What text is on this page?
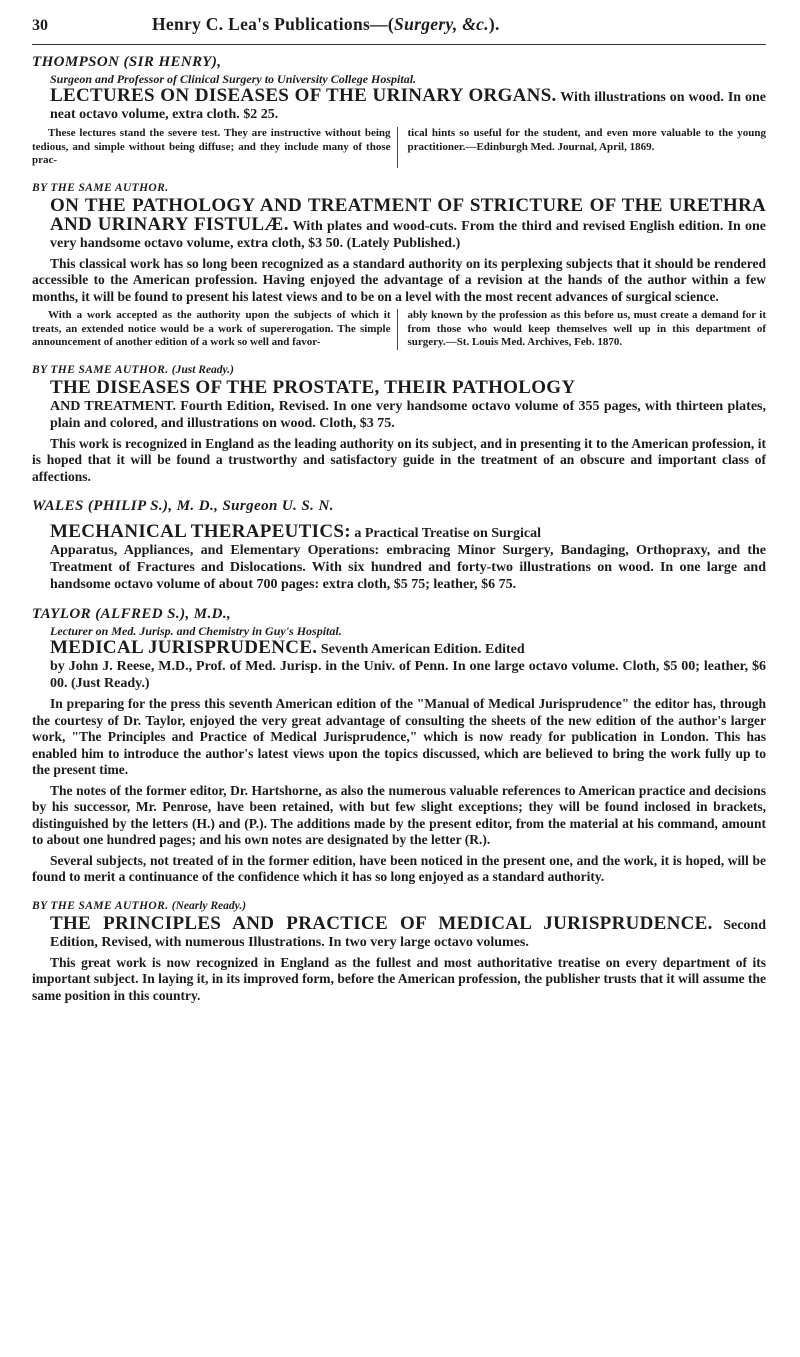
30	Henry C. Lea's Publications—(Surgery, &c.).
THOMPSON (SIR HENRY),
Surgeon and Professor of Clinical Surgery to University College Hospital.
LECTURES ON DISEASES OF THE URINARY ORGANS. With illustrations on wood. In one neat octavo volume, extra cloth. $2 25.
These lectures stand the severe test. They are instructive without being tedious, and simple without being diffuse; and they include many of those prac-
tical hints so useful for the student, and even more valuable to the young practitioner.—Edinburgh Med. Journal, April, 1869.
BY THE SAME AUTHOR.
ON THE PATHOLOGY AND TREATMENT OF STRICTURE OF THE URETHRA AND URINARY FISTULÆ. With plates and wood-cuts. From the third and revised English edition. In one very handsome octavo volume, extra cloth, $3 50. (Lately Published.)
This classical work has so long been recognized as a standard authority on its perplexing subjects that it should be rendered accessible to the American profession. Having enjoyed the advantage of a revision at the hands of the author within a few months, it will be found to present his latest views and to be on a level with the most recent advances of surgical science.
With a work accepted as the authority upon the subjects of which it treats, an extended notice would be a work of supererogation. The simple announcement of another edition of a work so well and favor-
ably known by the profession as this before us, must create a demand for it from those who would keep themselves well up in this department of surgery.—St. Louis Med. Archives, Feb. 1870.
BY THE SAME AUTHOR. (Just Ready.)
THE DISEASES OF THE PROSTATE, THEIR PATHOLOGY
AND TREATMENT. Fourth Edition, Revised. In one very handsome octavo volume of 355 pages, with thirteen plates, plain and colored, and illustrations on wood. Cloth, $3 75.
This work is recognized in England as the leading authority on its subject, and in presenting it to the American profession, it is hoped that it will be found a trustworthy and satisfactory guide in the treatment of an obscure and important class of affections.
WALES (PHILIP S.), M. D., Surgeon U. S. N.
MECHANICAL THERAPEUTICS: a Practical Treatise on Surgical
Apparatus, Appliances, and Elementary Operations: embracing Minor Surgery, Bandaging, Orthopraxy, and the Treatment of Fractures and Dislocations. With six hundred and forty-two illustrations on wood. In one large and handsome octavo volume of about 700 pages: extra cloth, $5 75; leather, $6 75.
TAYLOR (ALFRED S.), M.D.,
Lecturer on Med. Jurisp. and Chemistry in Guy's Hospital.
MEDICAL JURISPRUDENCE. Seventh American Edition. Edited
by John J. Reese, M.D., Prof. of Med. Jurisp. in the Univ. of Penn. In one large octavo volume. Cloth, $5 00; leather, $6 00. (Just Ready.)
In preparing for the press this seventh American edition of the "Manual of Medical Jurisprudence" the editor has, through the courtesy of Dr. Taylor, enjoyed the very great advantage of consulting the sheets of the new edition of the author's larger work, "The Principles and Practice of Medical Jurisprudence," which is now ready for publication in London. This has enabled him to introduce the author's latest views upon the topics discussed, which are believed to bring the work fully up to the present time.
The notes of the former editor, Dr. Hartshorne, as also the numerous valuable references to American practice and decisions by his successor, Mr. Penrose, have been retained, with but few slight exceptions; they will be found inclosed in brackets, distinguished by the letters (H.) and (P.). The additions made by the present editor, from the material at his command, amount to about one hundred pages; and his own notes are designated by the letter (R.).
Several subjects, not treated of in the former edition, have been noticed in the present one, and the work, it is hoped, will be found to merit a continuance of the confidence which it has so long enjoyed as a standard authority.
BY THE SAME AUTHOR. (Nearly Ready.)
THE PRINCIPLES AND PRACTICE OF MEDICAL JURISPRUDENCE. Second Edition, Revised, with numerous Illustrations. In two very large octavo volumes.
This great work is now recognized in England as the fullest and most authoritative treatise on every department of its important subject. In laying it, in its improved form, before the American profession, the publisher trusts that it will assume the same position in this country.
